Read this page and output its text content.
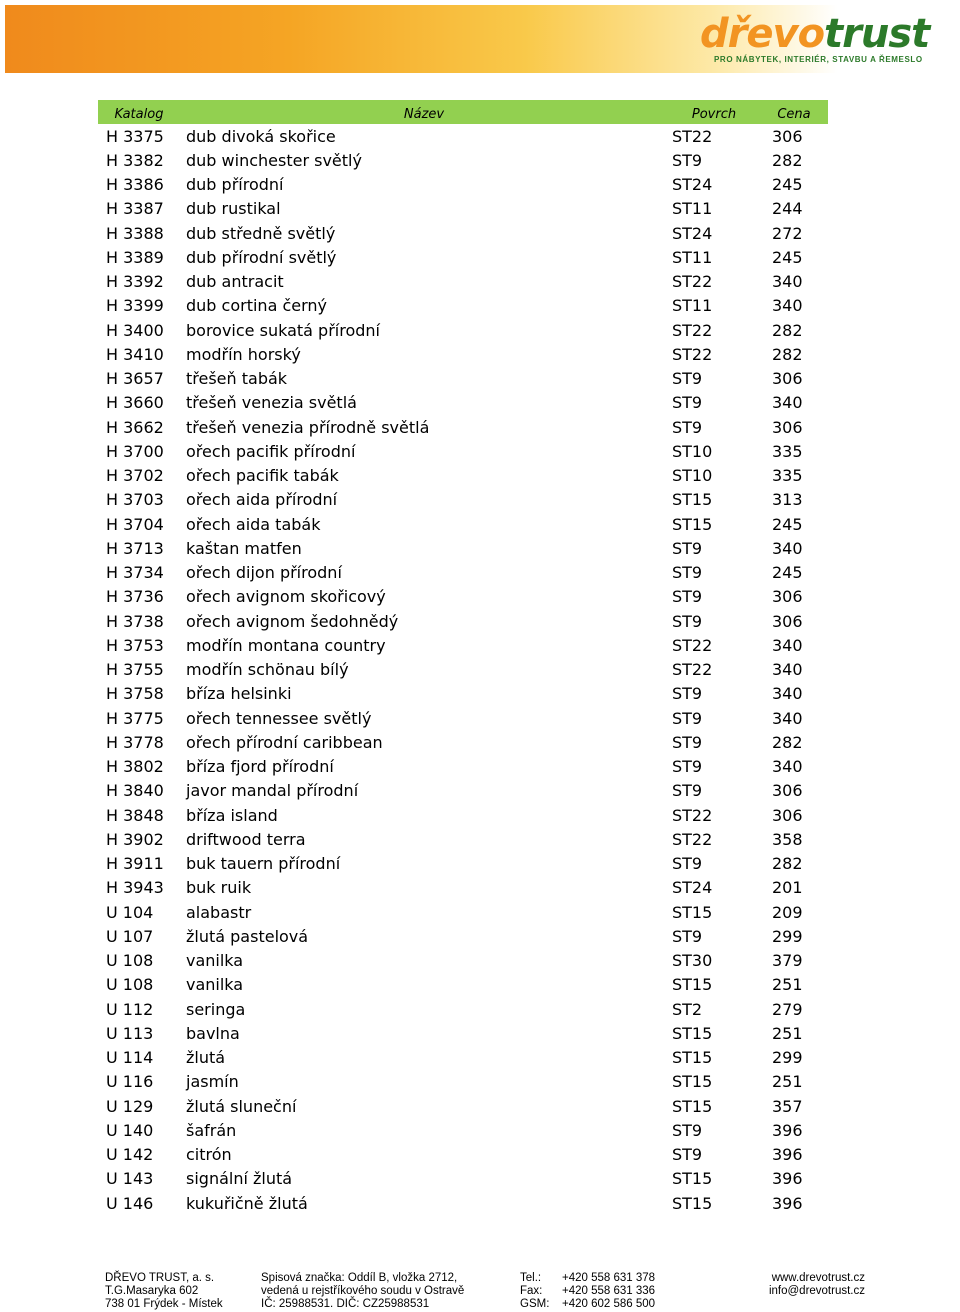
dřevotrust
PRO NÁBYTEK, INTERIÉR, STAVBU A ŘEMESLO
Katalog	Název	Povrch	Cena
H 3375	dub divoká skořice	ST22	306
H 3382	dub winchester světlý	ST9	282
H 3386	dub přírodní	ST24	245
H 3387	dub rustikal	ST11	244
H 3388	dub středně světlý	ST24	272
H 3389	dub přírodní světlý	ST11	245
H 3392	dub antracit	ST22	340
H 3399	dub cortina černý	ST11	340
H 3400	borovice sukatá přírodní	ST22	282
H 3410	modřín horský	ST22	282
H 3657	třešeň tabák	ST9	306
H 3660	třešeň venezia světlá	ST9	340
H 3662	třešeň venezia přírodně světlá	ST9	306
H 3700	ořech pacifik přírodní	ST10	335
H 3702	ořech pacifik tabák	ST10	335
H 3703	ořech aida přírodní	ST15	313
H 3704	ořech aida tabák	ST15	245
H 3713	kaštan matfen	ST9	340
H 3734	ořech dijon přírodní	ST9	245
H 3736	ořech avignom skořicový	ST9	306
H 3738	ořech avignom šedohnědý	ST9	306
H 3753	modřín montana country	ST22	340
H 3755	modřín schönau bílý	ST22	340
H 3758	bříza helsinki	ST9	340
H 3775	ořech tennessee světlý	ST9	340
H 3778	ořech přírodní caribbean	ST9	282
H 3802	bříza fjord přírodní	ST9	340
H 3840	javor mandal přírodní	ST9	306
H 3848	bříza island	ST22	306
H 3902	driftwood terra	ST22	358
H 3911	buk tauern přírodní	ST9	282
H 3943	buk ruik	ST24	201
U 104	alabastr	ST15	209
U 107	žlutá pastelová	ST9	299
U 108	vanilka	ST30	379
U 108	vanilka	ST15	251
U 112	seringa	ST2	279
U 113	bavlna	ST15	251
U 114	žlutá	ST15	299
U 116	jasmín	ST15	251
U 129	žlutá sluneční	ST15	357
U 140	šafrán	ST9	396
U 142	citrón	ST9	396
U 143	signální žlutá	ST15	396
U 146	kukuřičně žlutá	ST15	396
DŘEVO TRUST, a. s.
T.G.Masaryka 602
738 01 Frýdek - Místek
Spisová značka: Oddíl B, vložka 2712,
vedená u rejstříkového soudu v Ostravě
IČ: 25988531. DIČ: CZ25988531
Tel.:
Fax:
GSM:
+420 558 631 378
+420 558 631 336
+420 602 586 500
www.drevotrust.cz
info@drevotrust.cz
